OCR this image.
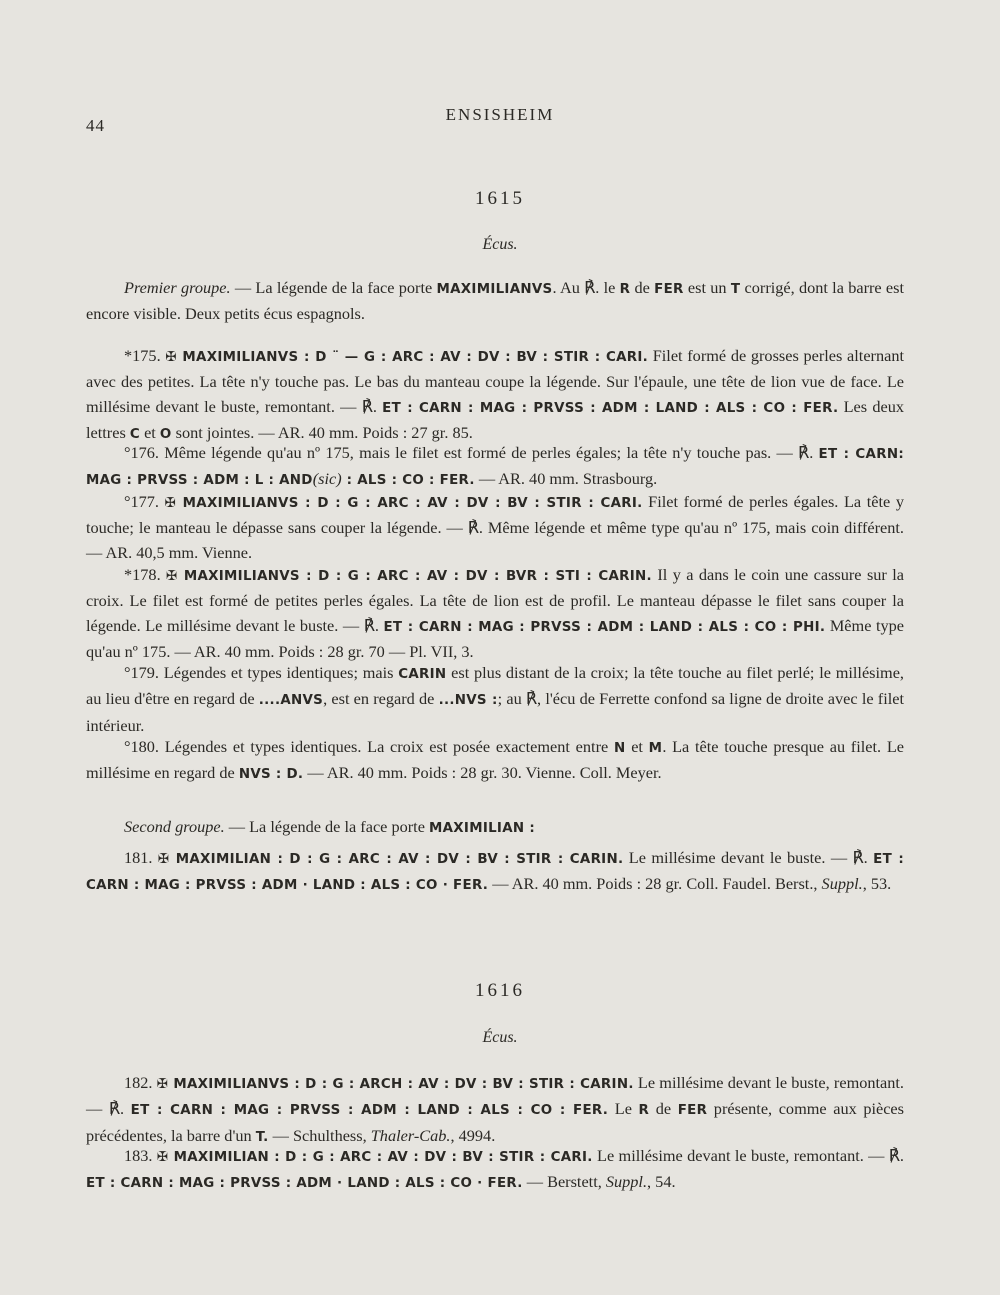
44
ENSISHEIM
1615
Écus.

Premier groupe. — La légende de la face porte MAXIMILIANVS. Au ℟. le R de FER est un T corrigé, dont la barre est encore visible. Deux petits écus espagnols.

*175. ✠ MAXIMILIANVS : D ¨ — G : ARC : AV : DV : BV : STIR : CARI. Filet formé de grosses perles alternant avec des petites. La tête n'y touche pas. Le bas du manteau coupe la légende. Sur l'épaule, une tête de lion vue de face. Le millésime devant le buste, remontant. — ℟. ET : CARN : MAG : PRVSS : ADM : LAND : ALS : CO : FER. Les deux lettres C et O sont jointes. — AR. 40 mm. Poids : 27 gr. 85.

°176. Même légende qu'au nº 175, mais le filet est formé de perles égales; la tête n'y touche pas. — ℟. ET : CARN: MAG : PRVSS : ADM : L : AND(sic) : ALS : CO : FER. — AR. 40 mm. Strasbourg.

°177. ✠ MAXIMILIANVS : D : G : ARC : AV : DV : BV : STIR : CARI. Filet formé de perles égales. La tête y touche; le manteau le dépasse sans couper la légende. — ℟. Même légende et même type qu'au nº 175, mais coin différent. — AR. 40,5 mm. Vienne.

*178. ✠ MAXIMILIANVS : D : G : ARC : AV : DV : BVR : STI : CARIN. Il y a dans le coin une cassure sur la croix. Le filet est formé de petites perles égales. La tête de lion est de profil. Le manteau dépasse le filet sans couper la légende. Le millésime devant le buste. — ℟. ET : CARN : MAG : PRVSS : ADM : LAND : ALS : CO : PHI. Même type qu'au nº 175. — AR. 40 mm. Poids : 28 gr. 70 — Pl. VII, 3.

°179. Légendes et types identiques; mais CARIN est plus distant de la croix; la tête touche au filet perlé; le millésime, au lieu d'être en regard de ....ANVS, est en regard de ...NVS :; au ℟, l'écu de Ferrette confond sa ligne de droite avec le filet intérieur.

°180. Légendes et types identiques. La croix est posée exactement entre N et M. La tête touche presque au filet. Le millésime en regard de NVS : D. — AR. 40 mm. Poids : 28 gr. 30. Vienne. Coll. Meyer.

Second groupe. — La légende de la face porte MAXIMILIAN :

181. ✠ MAXIMILIAN : D : G : ARC : AV : DV : BV : STIR : CARIN. Le millésime devant le buste. — ℟. ET : CARN : MAG : PRVSS : ADM · LAND : ALS : CO · FER. — AR. 40 mm. Poids : 28 gr. Coll. Faudel. Berst., Suppl., 53.

1616
Écus.

182. ✠ MAXIMILIANVS : D : G : ARCH : AV : DV : BV : STIR : CARIN. Le millésime devant le buste, remontant. — ℟. ET : CARN : MAG : PRVSS : ADM : LAND : ALS : CO : FER. Le R de FER présente, comme aux pièces précédentes, la barre d'un T. — Schulthess, Thaler-Cab., 4994.

183. ✠ MAXIMILIAN : D : G : ARC : AV : DV : BV : STIR : CARI. Le millésime devant le buste, remontant. — ℟. ET : CARN : MAG : PRVSS : ADM · LAND : ALS : CO · FER. — Berstett, Suppl., 54.
